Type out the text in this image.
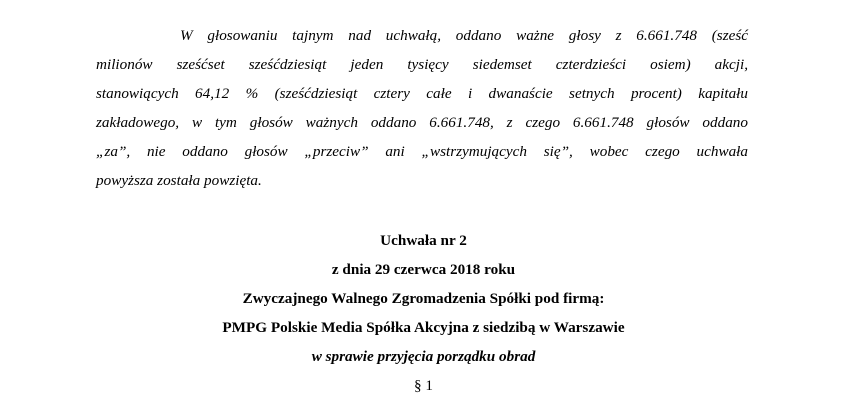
W głosowaniu tajnym nad uchwałą, oddano ważne głosy z 6.661.748 (sześć
milionów sześćset sześćdziesiąt jeden tysięcy siedemset czterdzieści osiem) akcji,
stanowiących 64,12 % (sześćdziesiąt cztery całe i dwanaście setnych procent) kapitału
zakładowego, w tym głosów ważnych oddano 6.661.748, z czego 6.661.748 głosów oddano
„za”, nie oddano głosów „przeciw” ani „wstrzymujących się”, wobec czego uchwała
powyższa została powzięta.
Uchwała nr 2
z dnia 29 czerwca 2018 roku
Zwyczajnego Walnego Zgromadzenia Spółki pod firmą:
PMPG Polskie Media Spółka Akcyjna z siedzibą w Warszawie
w sprawie przyjęcia porządku obrad
§ 1
